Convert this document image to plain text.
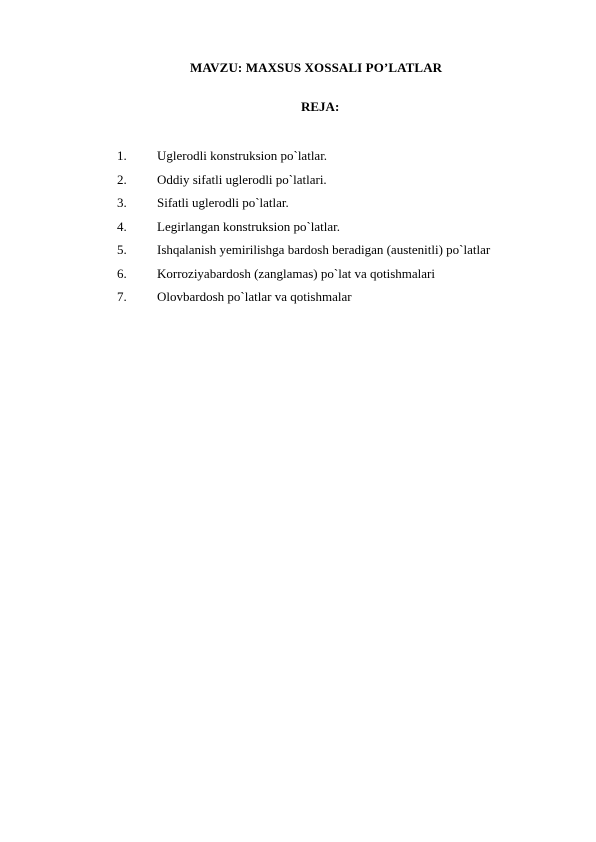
MAVZU: MAXSUS XOSSALI PO’LATLAR
REJA:
1.	Uglerodli konstruksion po`latlar.
2.	Oddiy sifatli uglerodli po`latlari.
3.	Sifatli uglerodli po`latlar.
4.	Legirlangan konstruksion po`latlar.
5.	Ishqalanish yemirilishga bardosh beradigan (austenitli) po`latlar
6.	Korroziyabardosh (zanglamas) po`lat va qotishmalari
7.	Olovbardosh po`latlar va qotishmalar
